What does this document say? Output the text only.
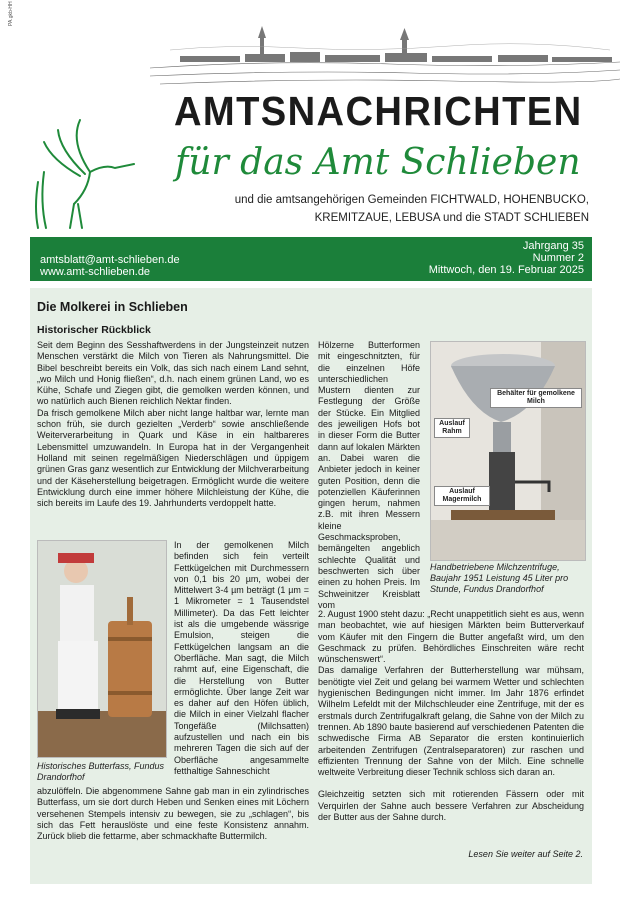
PA.gkb-HH
AMTSNACHRICHTEN
für das Amt Schlieben
und die amtsangehörigen Gemeinden FICHTWALD, HOHENBUCKO,
KREMITZAUE, LEBUSA und die STADT SCHLIEBEN
amtsblatt@amt-schlieben.de
www.amt-schlieben.de
Jahrgang 35
Nummer 2
Mittwoch, den 19. Februar 2025
Die Molkerei in Schlieben
Historischer Rückblick

Seit dem Beginn des Sesshaftwerdens in der Jungsteinzeit nutzen Menschen verstärkt die Milch von Tieren als Nahrungsmittel. Die Bibel beschreibt bereits ein Volk, das sich nach einem Land sehnt, „wo Milch und Honig fließen“, d.h. nach einem grünen Land, wo es Kühe, Schafe und Ziegen gibt, die gemolken werden können, und wo natürlich auch Bienen reichlich Nektar finden.

Da frisch gemolkene Milch aber nicht lange haltbar war, lernte man schon früh, sie durch gezielten „Verderb“ sowie anschließende Weiterverarbeitung in Quark und Käse in ein haltbareres Lebensmittel umzuwandeln. In Europa hat in der Vergangenheit Holland mit seinen regelmäßigen Niederschlägen und üppigem grünen Gras ganz wesentlich zur Entwicklung der Milchverarbeitung und der Käseherstellung beigetragen. Ermöglicht wurde die weitere Entwicklung durch eine immer höhere Milchleistung der Kühe, die sich bereits im Laufe des 19. Jahrhunderts verdoppelt hatte.

Historisches Butterfass, Fundus Drandorfhof

In der gemolkenen Milch befinden sich fein verteilt Fettkügelchen mit Durchmessern von 0,1 bis 20 µm, wobei der Mittelwert 3-4 µm beträgt (1 µm = 1 Mikrometer = 1 Tausendstel Millimeter). Da das Fett leichter ist als die umgebende wässrige Emulsion, steigen die Fettkügelchen langsam an die Oberfläche. Man sagt, die Milch rahmt auf, eine Eigenschaft, die die Herstellung von Butter ermöglichte. Über lange Zeit war es daher auf den Höfen üblich, die Milch in einer Vielzahl flacher Tongefäße (Milchsatten) aufzustellen und nach ein bis mehreren Tagen die sich auf der Oberfläche angesammelte fetthaltige Sahneschicht

abzulöffeln. Die abgenommene Sahne gab man in ein zylindrisches Butterfass, um sie dort durch Heben und Senken eines mit Löchern versehenen Stempels intensiv zu bewegen, sie zu „schlagen“, bis sich das Fett herauslöste und eine feste Konsistenz annahm. Zurück blieb die fettarme, aber schmackhafte Buttermilch.

Hölzerne Butterformen mit eingeschnitzten, für die einzelnen Höfe unterschiedlichen Mustern dienten zur Festlegung der Größe der Stücke. Ein Mitglied des jeweiligen Hofs bot in dieser Form die Butter dann auf lokalen Märkten an. Dabei waren die Anbieter jedoch in keiner guten Position, denn die potenziellen Käuferinnen gingen herum, nahmen z.B. mit ihren Messern kleine Geschmacksproben, bemängelten angeblich schlechte Qualität und beschwerten sich über einen zu hohen Preis. Im Schweinitzer Kreisblatt vom

Behälter für gemolkene Milch
Auslauf Rahm
Auslauf Magermilch
Handbetriebene Milchzentrifuge, Baujahr 1951 Leistung 45 Liter pro Stunde, Fundus Drandorfhof

2. August 1900 steht dazu: „Recht unappetitlich sieht es aus, wenn man beobachtet, wie auf hiesigen Märkten beim Butterverkauf vom Käufer mit den Fingern die Butter angefaßt wird, um den Geschmack zu prüfen. Behördliches Einschreiten wäre recht wünschenswert“.

Das damalige Verfahren der Butterherstellung war mühsam, benötigte viel Zeit und gelang bei warmem Wetter und schlechten hygienischen Bedingungen nicht immer. Im Jahr 1876 erfindet Wilhelm Lefeldt mit der Milchschleuder eine Zentrifuge, mit der es erstmals durch Zentrifugalkraft gelang, die Sahne von der Milch zu trennen. Ab 1890 baute basierend auf verschiedenen Patenten die schwedische Firma AB Separator die ersten kontinuierlich arbeitenden Zentrifugen (Zentralseparatoren) zur raschen und effizienten Trennung der Sahne von der Milch. Eine schnelle weltweite Verbreitung dieser Technik schloss sich daran an.

Gleichzeitig setzten sich mit rotierenden Fässern oder mit Verquirlen der Sahne auch bessere Verfahren zur Abscheidung der Butter aus der Sahne durch.

Lesen Sie weiter auf Seite 2.
